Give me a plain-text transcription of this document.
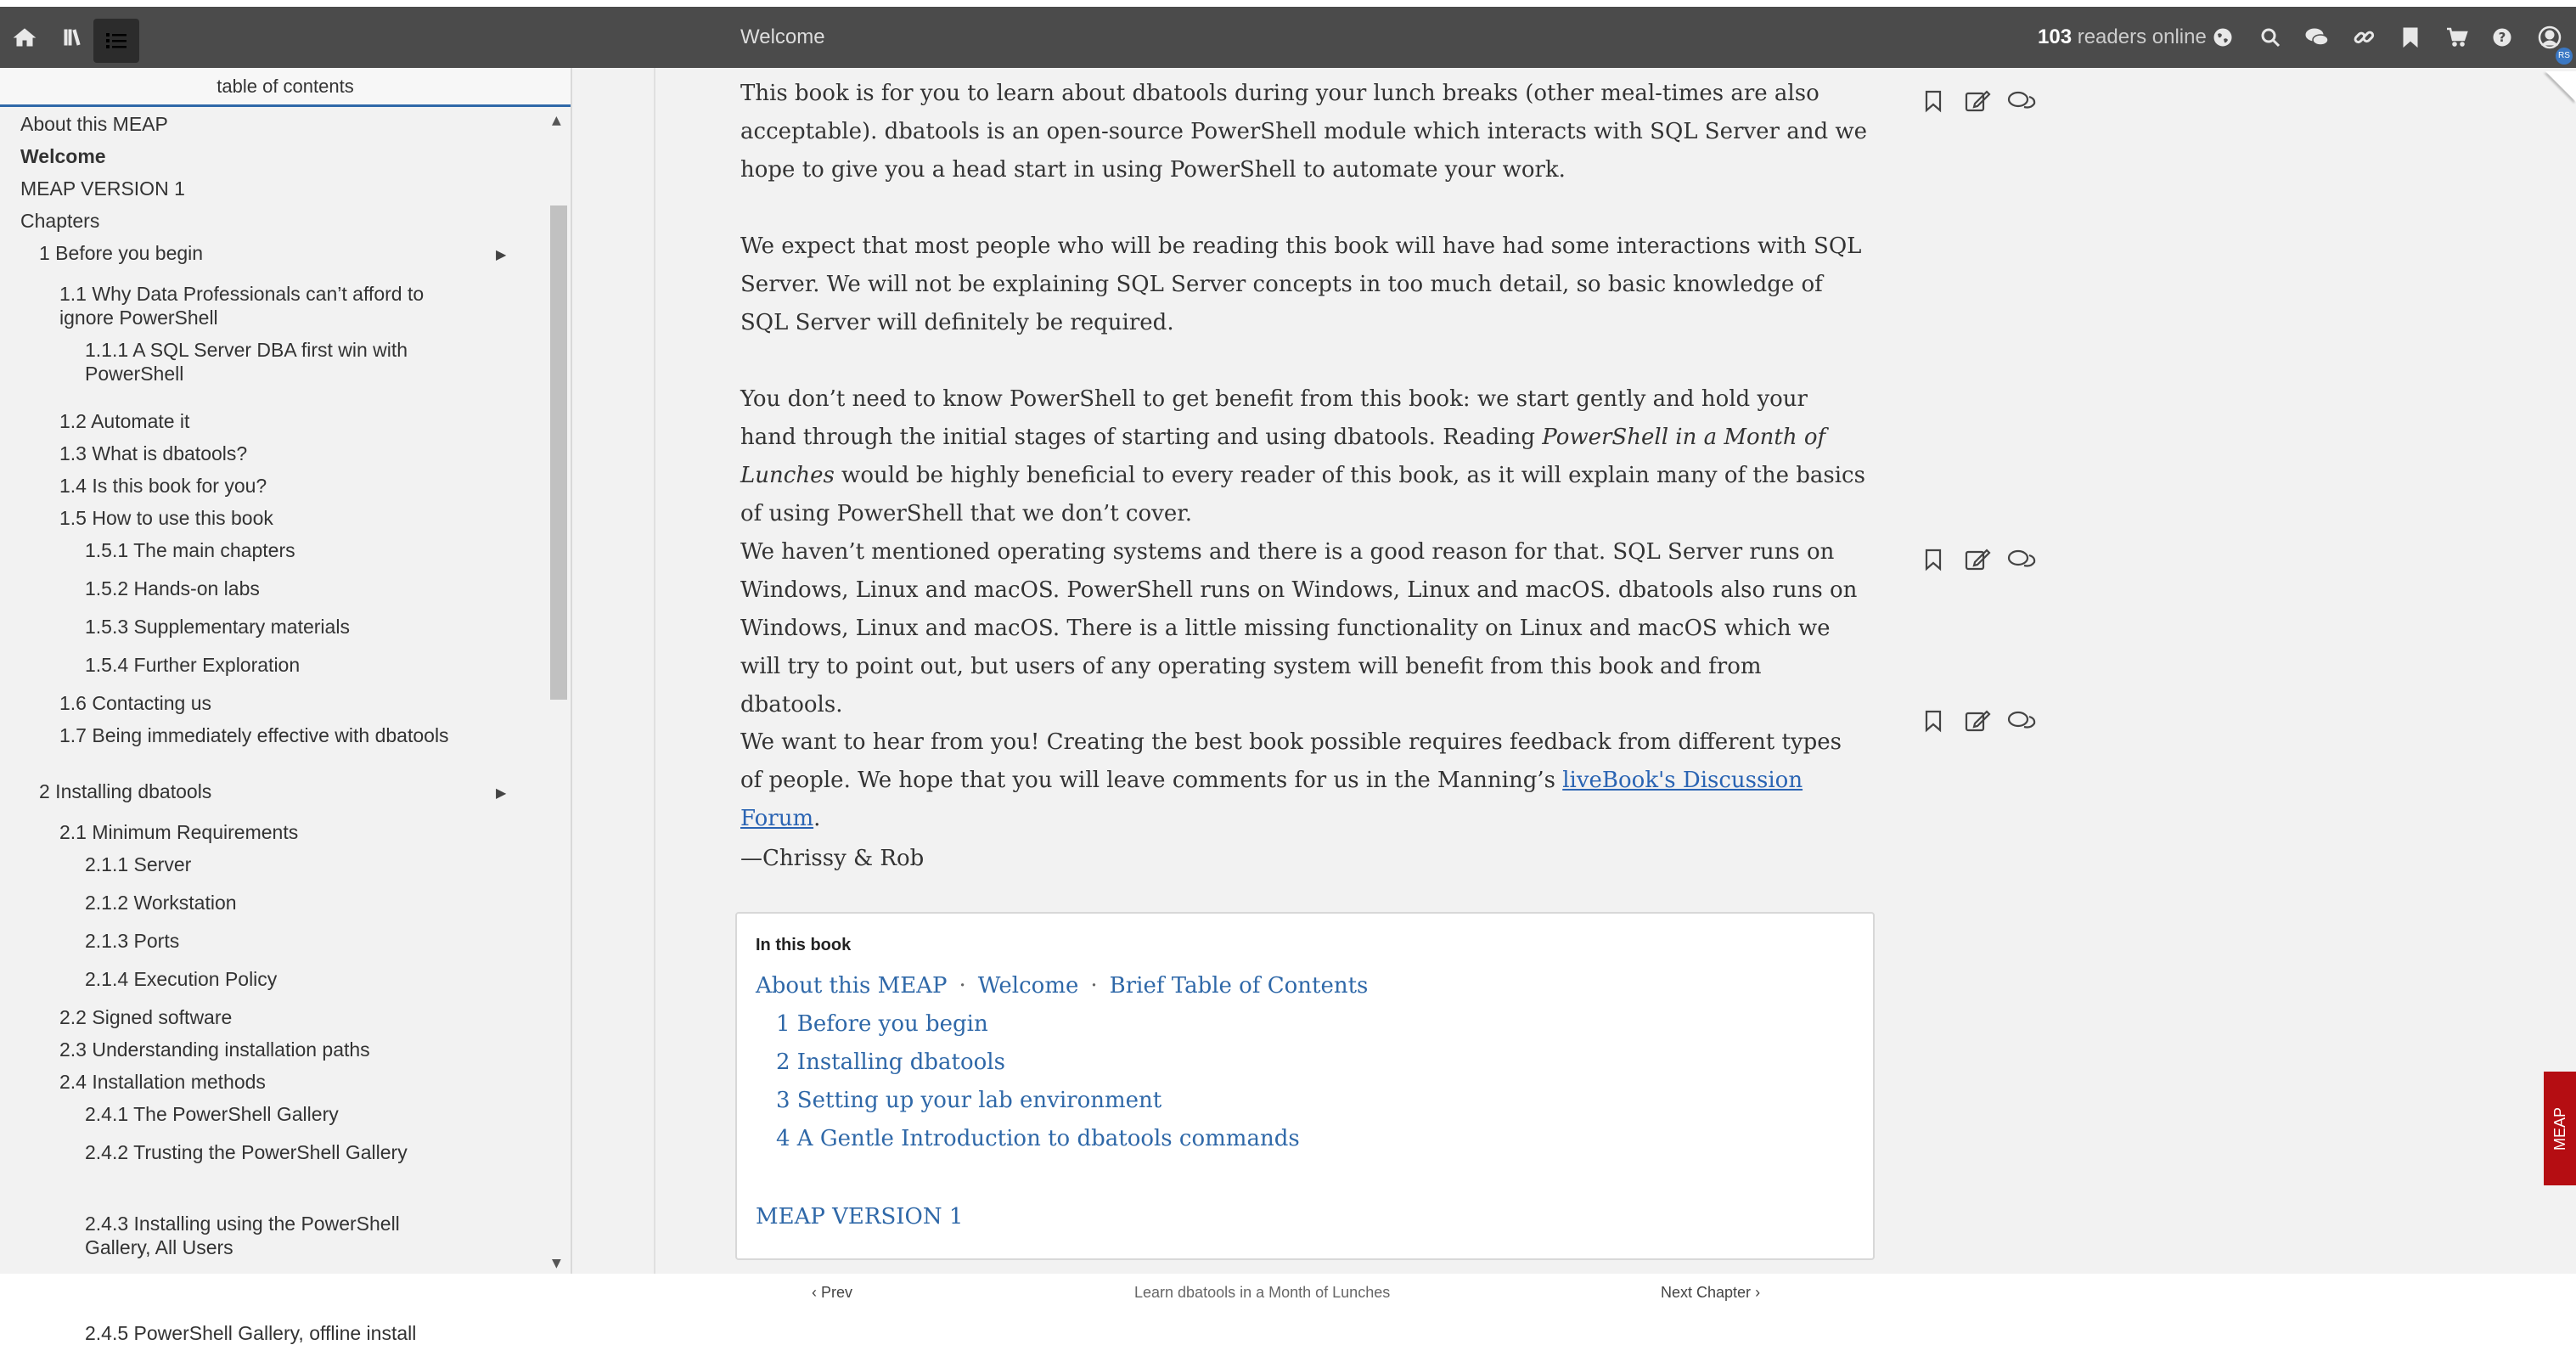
Welcome	103 readers online	?
RS
table of contents
About this MEAP
Welcome
MEAP VERSION 1
Chapters
1 Before you begin	▶
1.1 Why Data Professionals can’t afford to ignore PowerShell
1.1.1 A SQL Server DBA first win with PowerShell
1.2 Automate it
1.3 What is dbatools?
1.4 Is this book for you?
1.5 How to use this book
1.5.1 The main chapters
1.5.2 Hands-on labs
1.5.3 Supplementary materials
1.5.4 Further Exploration
1.6 Contacting us
1.7 Being immediately effective with dbatools
2 Installing dbatools	▶
2.1 Minimum Requirements
2.1.1 Server
2.1.2 Workstation
2.1.3 Ports
2.1.4 Execution Policy
2.2 Signed software
2.3 Understanding installation paths
2.4 Installation methods
2.4.1 The PowerShell Gallery
2.4.2 Trusting the PowerShell Gallery
2.4.3 Installing using the PowerShell Gallery, All Users
2.4.5 PowerShell Gallery, offline install
▲
▼
This book is for you to learn about dbatools during your lunch breaks (other meal-times are also acceptable). dbatools is an open-source PowerShell module which interacts with SQL Server and we hope to give you a head start in using PowerShell to automate your work.
We expect that most people who will be reading this book will have had some interactions with SQL Server. We will not be explaining SQL Server concepts in too much detail, so basic knowledge of SQL Server will definitely be required.
You don’t need to know PowerShell to get benefit from this book: we start gently and hold your hand through the initial stages of starting and using dbatools. Reading PowerShell in a Month of Lunches would be highly beneficial to every reader of this book, as it will explain many of the basics of using PowerShell that we don’t cover.
We haven’t mentioned operating systems and there is a good reason for that. SQL Server runs on Windows, Linux and macOS. PowerShell runs on Windows, Linux and macOS. dbatools also runs on Windows, Linux and macOS. There is a little missing functionality on Linux and macOS which we will try to point out, but users of any operating system will benefit from this book and from dbatools.
We want to hear from you! Creating the best book possible requires feedback from different types of people. We hope that you will leave comments for us in the Manning’s liveBook's Discussion Forum.
—Chrissy & Rob
In this book
About this MEAP · Welcome · Brief Table of Contents
1 Before you begin
2 Installing dbatools
3 Setting up your lab environment
4 A Gentle Introduction to dbatools commands
MEAP VERSION 1
MEAP
‹ Prev	Learn dbatools in a Month of Lunches	Next Chapter ›
